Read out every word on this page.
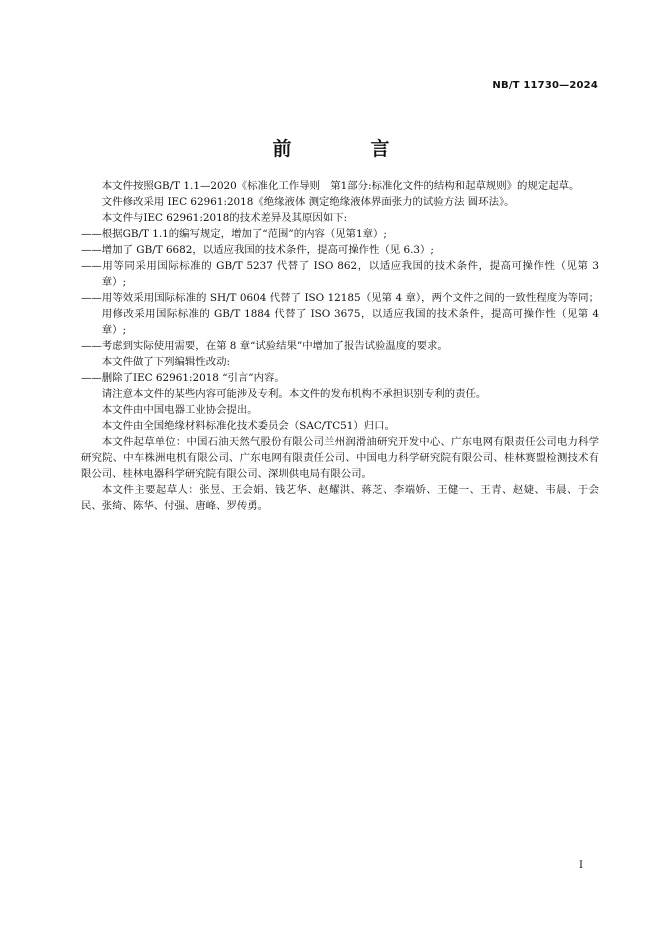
NB/T 11730—2024
前　言

本文件按照GB/T 1.1—2020《标准化工作导则　第1部分:标准化文件的结构和起草规则》的规定起草。

文件修改采用 IEC 62961:2018《绝缘液体 测定绝缘液体界面张力的试验方法 圆环法》。

本文件与IEC 62961:2018的技术差异及其原因如下:

——根据GB/T 1.1的编写规定，增加了“范围”的内容（见第1章）;

——增加了 GB/T 6682，以适应我国的技术条件，提高可操作性（见 6.3）;

——用等同采用国际标准的 GB/T 5237 代替了 ISO 862，以适应我国的技术条件，提高可操作性（见第 3 章）;

——用等效采用国际标准的 SH/T 0604 代替了 ISO 12185（见第 4 章），两个文件之间的一致性程度为等同；用修改采用国际标准的 GB/T 1884 代替了 ISO 3675，以适应我国的技术条件，提高可操作性（见第 4 章）;

——考虑到实际使用需要，在第 8 章“试验结果”中增加了报告试验温度的要求。

本文件做了下列编辑性改动:

——删除了IEC 62961:2018 “引言”内容。

请注意本文件的某些内容可能涉及专利。本文件的发布机构不承担识别专利的责任。

本文件由中国电器工业协会提出。

本文件由全国绝缘材料标准化技术委员会（SAC/TC51）归口。

本文件起草单位：中国石油天然气股份有限公司兰州润滑油研究开发中心、广东电网有限责任公司电力科学研究院、中车株洲电机有限公司、广东电网有限责任公司、中国电力科学研究院有限公司、桂林赛盟检测技术有限公司、桂林电器科学研究院有限公司、深圳供电局有限公司。

本文件主要起草人：张昱、王会娟、钱艺华、赵耀洪、蒋芝、李端娇、王健一、王青、赵婕、韦晨、于会民、张绮、陈华、付强、唐峰、罗传勇。

I
